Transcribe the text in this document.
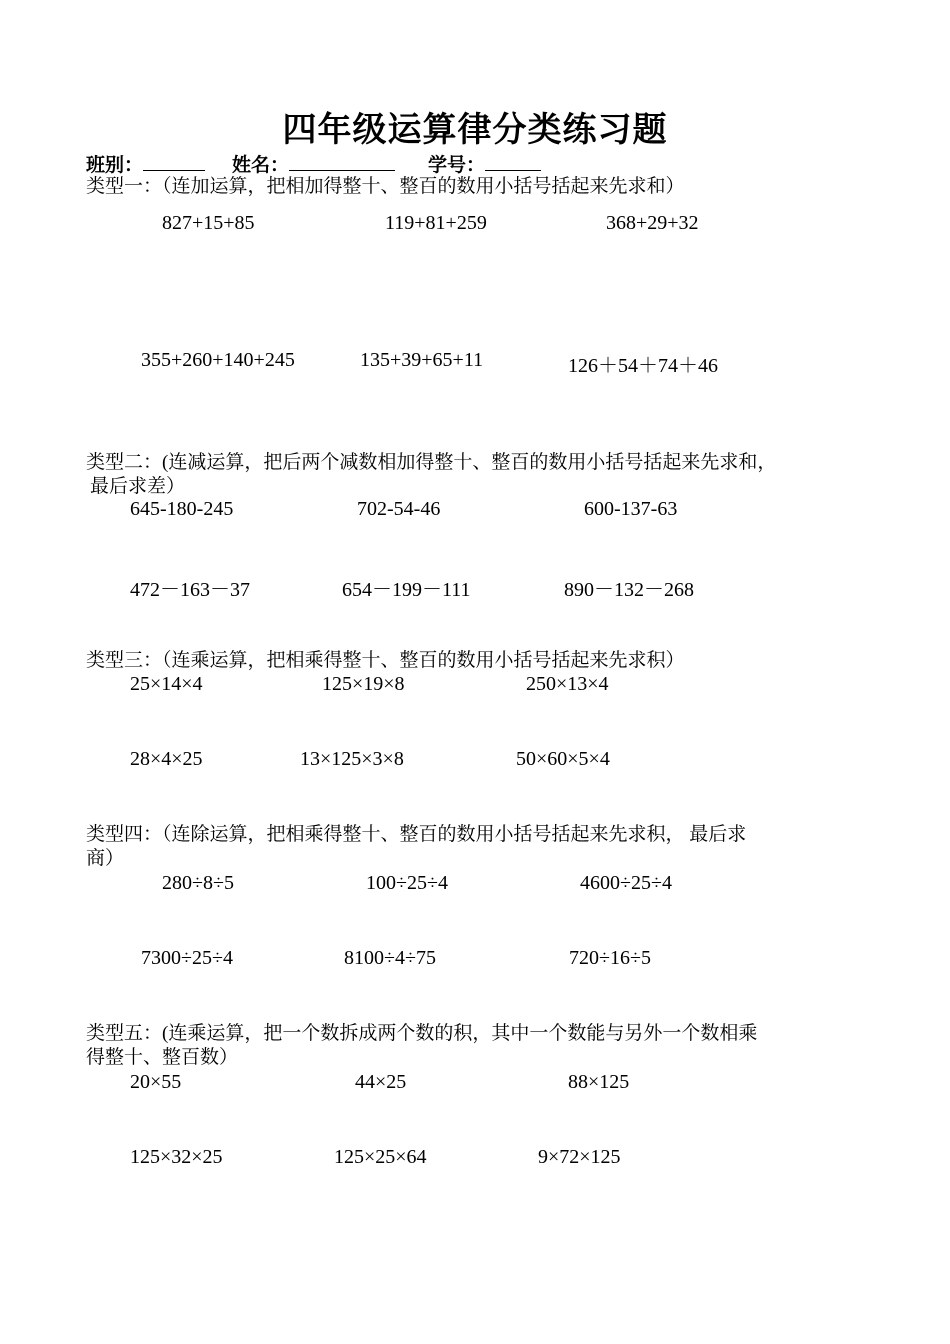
四年级运算律分类练习题
班别：	姓名：	学号：
类型一：（连加运算，把相加得整十、整百的数用小括号括起来先求和）
827+15+85	119+81+259	368+29+32
355+260+140+245	135+39+65+11	126＋54＋74＋46
类型二：(连减运算，把后两个减数相加得整十、整百的数用小括号括起来先求和，
最后求差）
645-180-245	702-54-46	600-137-63
472－163－37	654－199－111	890－132－268
类型三：（连乘运算，把相乘得整十、整百的数用小括号括起来先求积）
25×14×4	125×19×8	250×13×4
28×4×25	13×125×3×8	50×60×5×4
类型四：（连除运算，把相乘得整十、整百的数用小括号括起来先求积， 最后求
商）
280÷8÷5	100÷25÷4	4600÷25÷4
7300÷25÷4	8100÷4÷75	720÷16÷5
类型五：(连乘运算，把一个数拆成两个数的积，其中一个数能与另外一个数相乘
得整十、整百数）
20×55	44×25	88×125
125×32×25	125×25×64	9×72×125
